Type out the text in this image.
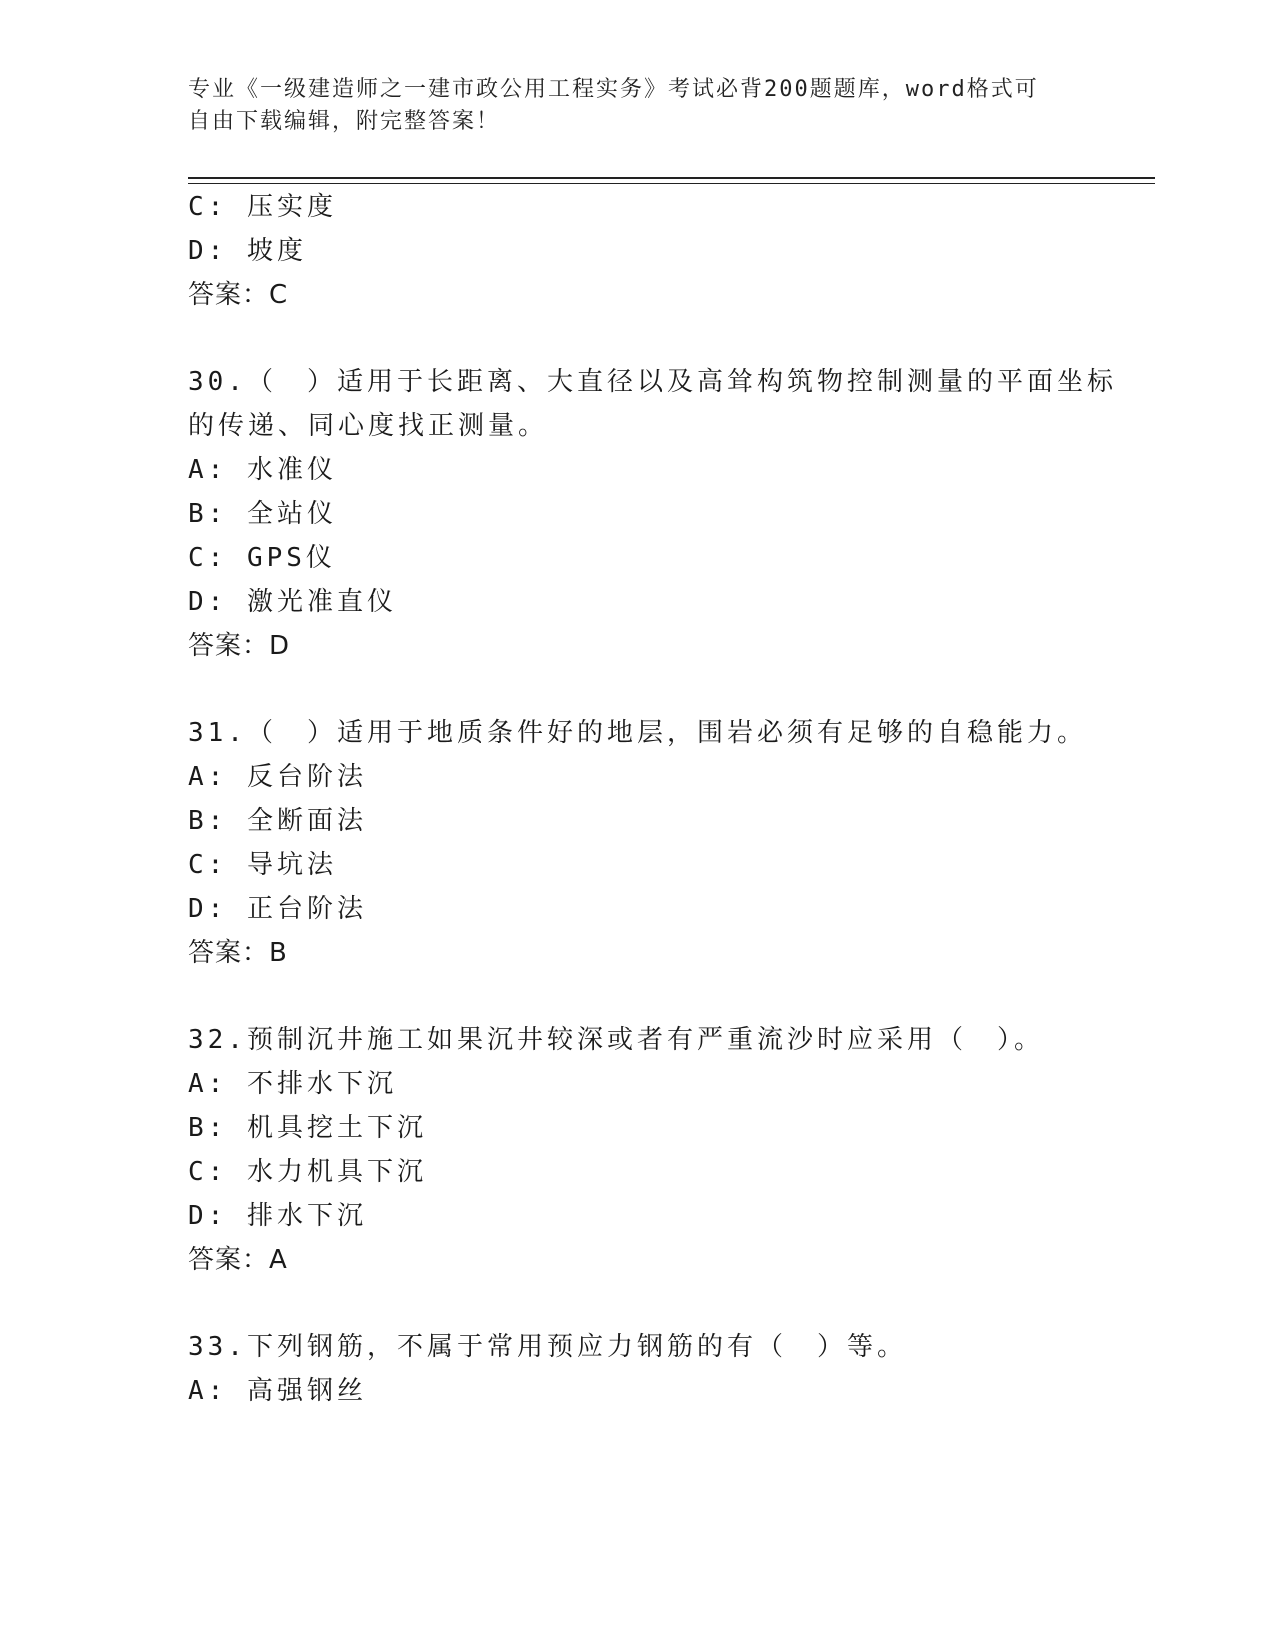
专业《一级建造师之一建市政公用工程实务》考试必背200题题库，word格式可
自由下载编辑，附完整答案！
C: 压实度
D: 坡度
答案：C
30.（　）适用于长距离、大直径以及高耸构筑物控制测量的平面坐标
的传递、同心度找正测量。
A: 水准仪
B: 全站仪
C: GPS仪
D: 激光准直仪
答案：D
31.（　）适用于地质条件好的地层，围岩必须有足够的自稳能力。
A: 反台阶法
B: 全断面法
C: 导坑法
D: 正台阶法
答案：B
32.预制沉井施工如果沉井较深或者有严重流沙时应采用（　）。
A: 不排水下沉
B: 机具挖土下沉
C: 水力机具下沉
D: 排水下沉
答案：A
33.下列钢筋，不属于常用预应力钢筋的有（　）等。
A: 高强钢丝
